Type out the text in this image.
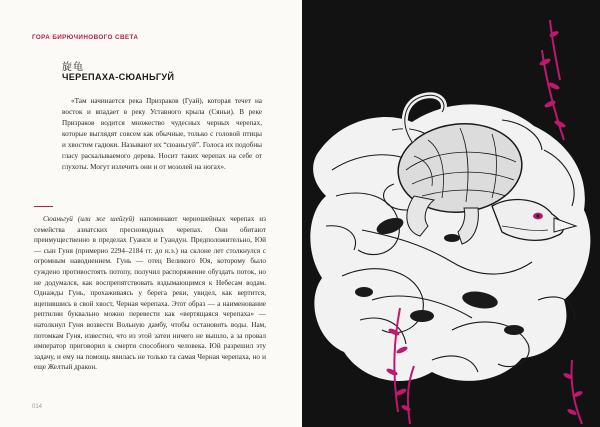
ГОРА БИРЮЧИНОВОГО СВЕТА
旋龟
ЧЕРЕПАХА-СЮАНЬГУЙ
«Там начинается река Призраков (Гуай), которая течет на восток и впадает в реку Уставного крыла (Сяньи). В реке Призраков водится множество чудесных черных черепах, которые выглядят совсем как обычные, только с головой птицы и хвостом гадюки. Называют их “сюаньгуй”. Голоса их подобны гласу раскалываемого дерева. Носит таких черепах на себе от глухоты. Могут излечить они и от мозолей на ногах».
Сюаньгуй (или же шейгуй) напоминают черношейных черепах из семейства азиатских пресноводных черепах. Они обитают преимущественно в пределах Гуанси и Гуандун. Предположительно, Юй — сын Гуня (примерно 2294–2184 гг. до н.э.) на склоне лет столкнулся с огромным наводнением. Гунь — отец Великого Юя, которому было суждено противостоять потопу, получил распоряжение обуздать поток, но не додумался, как воспрепятствовать вздымающимся к Небесам водам. Однажды Гунь, прохаживаясь у берега реки, увидел, как вертится, вцепившись в свой хвост, Черная черепаха. Этот образ — а наименование рептилии буквально можно перевести как «вертящаяся черепаха» — натолкнул Гуня возвести Вольную дамбу, чтобы остановить воды. Нам, потомкам Гуня, известно, что из этой затеи ничего не вышло, а за провал император приговорил к смерти способного человека. Юй разрешил эту задачу, и ему на помощь явилась не только та самая Черная черепаха, но и еще Желтый дракон.
014
